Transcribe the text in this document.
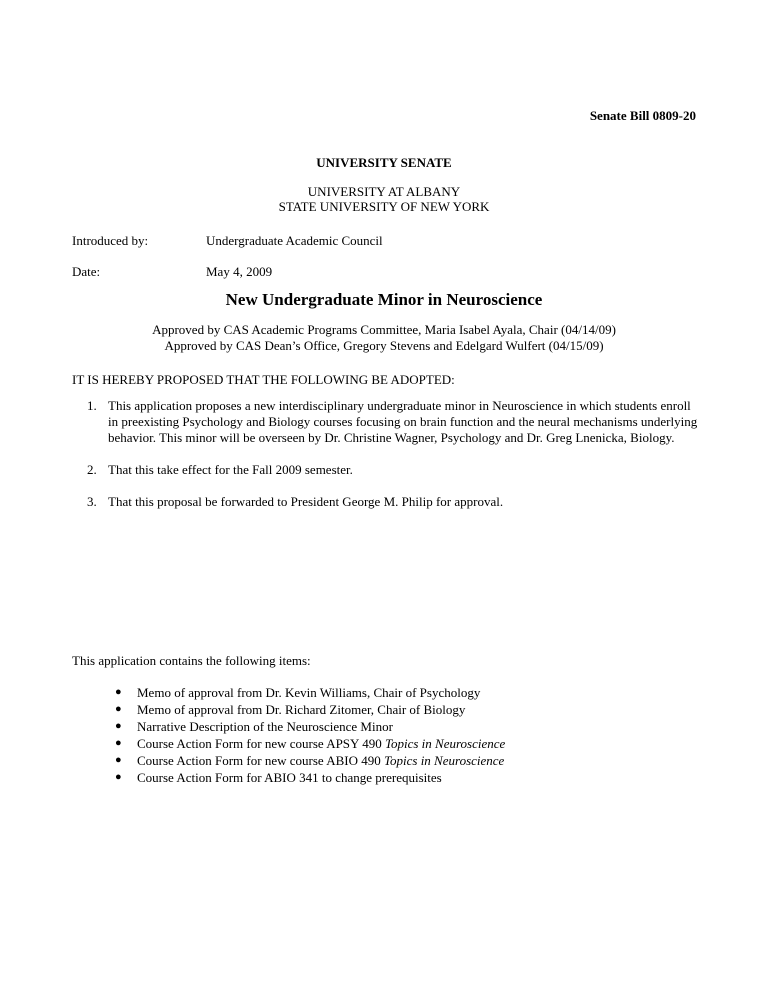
Senate Bill 0809-20
UNIVERSITY SENATE
UNIVERSITY AT ALBANY
STATE UNIVERSITY OF NEW YORK
Introduced by:	Undergraduate Academic Council
Date:	May 4, 2009
New Undergraduate Minor in Neuroscience
Approved by CAS Academic Programs Committee, Maria Isabel Ayala, Chair (04/14/09)
Approved by CAS Dean’s Office, Gregory Stevens and Edelgard Wulfert (04/15/09)
IT IS HEREBY PROPOSED THAT THE FOLLOWING BE ADOPTED:
1. This application proposes a new interdisciplinary undergraduate minor in Neuroscience in which students enroll in preexisting Psychology and Biology courses focusing on brain function and the neural mechanisms underlying behavior. This minor will be overseen by Dr. Christine Wagner, Psychology and Dr. Greg Lnenicka, Biology.
2. That this take effect for the Fall 2009 semester.
3. That this proposal be forwarded to President George M. Philip for approval.
This application contains the following items:
● Memo of approval from Dr. Kevin Williams, Chair of Psychology
● Memo of approval from Dr. Richard Zitomer, Chair of Biology
● Narrative Description of the Neuroscience Minor
● Course Action Form for new course APSY 490 Topics in Neuroscience
● Course Action Form for new course ABIO 490 Topics in Neuroscience
● Course Action Form for ABIO 341 to change prerequisites
